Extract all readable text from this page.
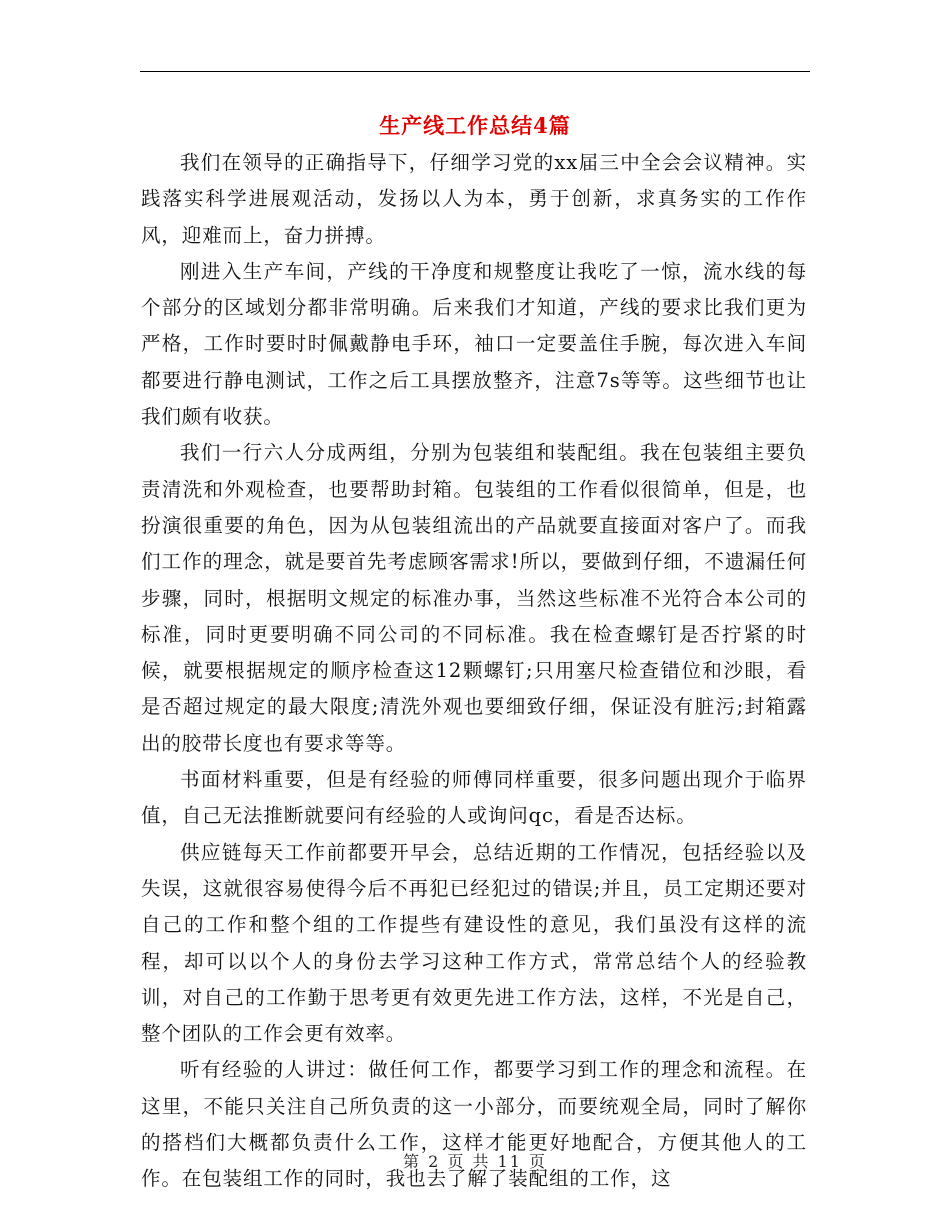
生产线工作总结4篇

我们在领导的正确指导下，仔细学习党的xx届三中全会会议精神。实践落实科学进展观活动，发扬以人为本，勇于创新，求真务实的工作作风，迎难而上，奋力拼搏。

刚进入生产车间，产线的干净度和规整度让我吃了一惊，流水线的每个部分的区域划分都非常明确。后来我们才知道，产线的要求比我们更为严格，工作时要时时佩戴静电手环，袖口一定要盖住手腕，每次进入车间都要进行静电测试，工作之后工具摆放整齐，注意7s等等。这些细节也让我们颇有收获。

我们一行六人分成两组，分别为包装组和装配组。我在包装组主要负责清洗和外观检查，也要帮助封箱。包装组的工作看似很简单，但是，也扮演很重要的角色，因为从包装组流出的产品就要直接面对客户了。而我们工作的理念，就是要首先考虑顾客需求!所以，要做到仔细，不遗漏任何步骤，同时，根据明文规定的标准办事，当然这些标准不光符合本公司的标准，同时更要明确不同公司的不同标准。我在检查螺钉是否拧紧的时候，就要根据规定的顺序检查这12颗螺钉;只用塞尺检查错位和沙眼，看是否超过规定的最大限度;清洗外观也要细致仔细，保证没有脏污;封箱露出的胶带长度也有要求等等。

书面材料重要，但是有经验的师傅同样重要，很多问题出现介于临界值，自己无法推断就要问有经验的人或询问qc，看是否达标。

供应链每天工作前都要开早会，总结近期的工作情况，包括经验以及失误，这就很容易使得今后不再犯已经犯过的错误;并且，员工定期还要对自己的工作和整个组的工作提些有建设性的意见，我们虽没有这样的流程，却可以以个人的身份去学习这种工作方式，常常总结个人的经验教训，对自己的工作勤于思考更有效更先进工作方法，这样，不光是自己，整个团队的工作会更有效率。

听有经验的人讲过：做任何工作，都要学习到工作的理念和流程。在这里，不能只关注自己所负责的这一小部分，而要统观全局，同时了解你的搭档们大概都负责什么工作，这样才能更好地配合，方便其他人的工作。在包装组工作的同时，我也去了解了装配组的工作，这

第 2 页 共 11 页
